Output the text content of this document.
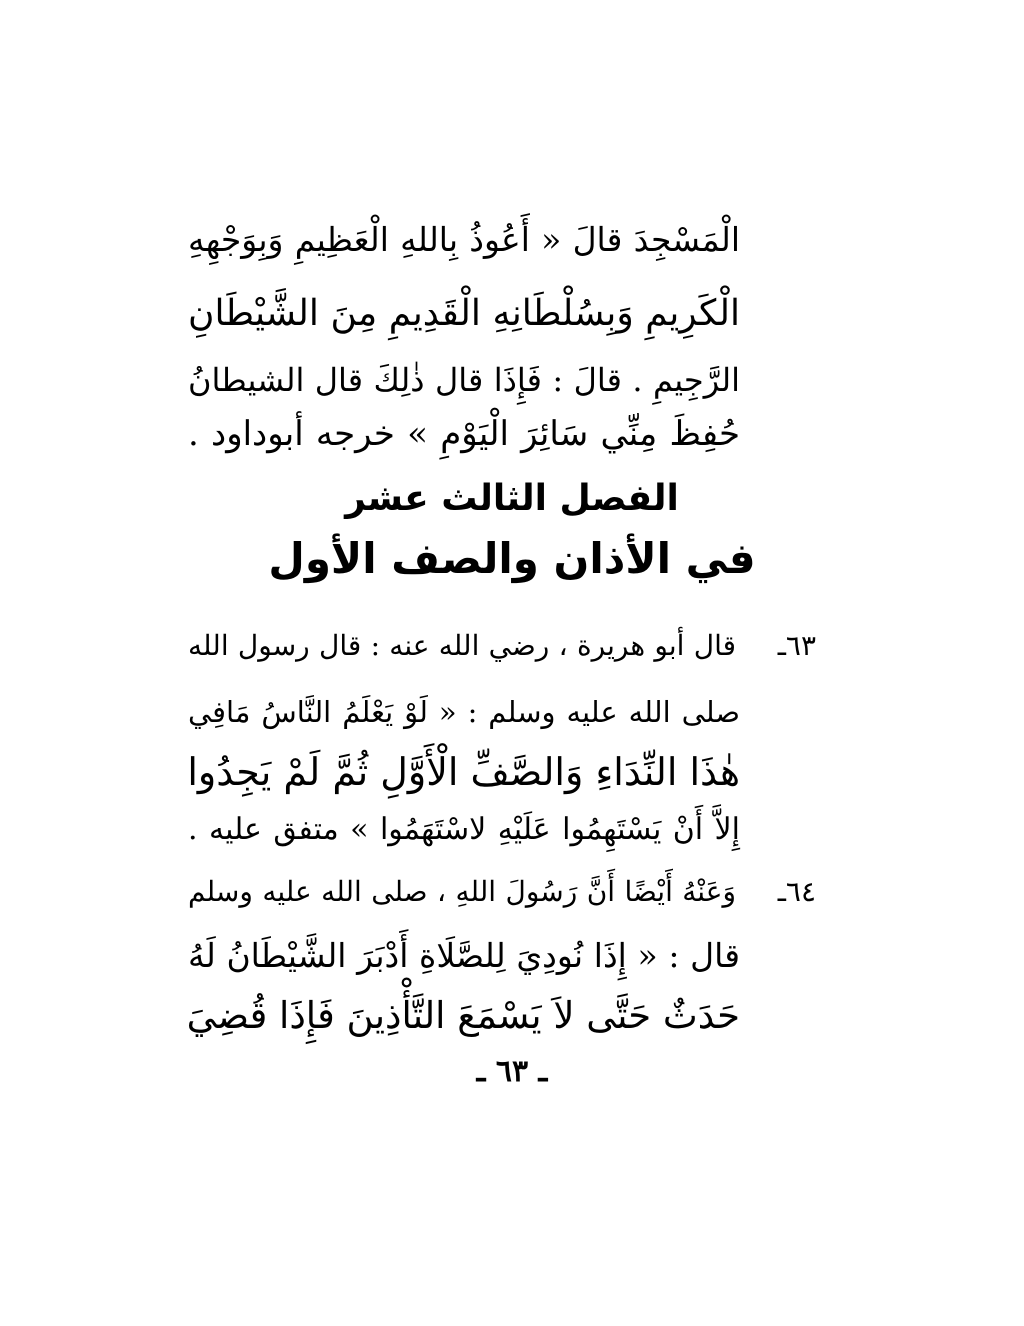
الْمَسْجِدَ قالَ « أَعُوذُ بِاللهِ الْعَظِيمِ وَبِوَجْهِهِ
الْكَرِيمِ وَبِسُلْطَانِهِ الْقَدِيمِ مِنَ الشَّيْطَانِ
الرَّجِيمِ . قالَ : فَإِذَا قال ذٰلِكَ قال الشيطانُ
حُفِظَ مِنِّي سَائِرَ الْيَوْمِ » خرجه أبوداود .
الفصل الثالث عشر
في الأذان والصف الأول
٦٣ـ
قال أبو هريرة ، رضي الله عنه : قال رسول الله
صلى الله عليه وسلم : « لَوْ يَعْلَمُ النَّاسُ مَافِي
هٰذَا النِّدَاءِ وَالصَّفِّ الْأَوَّلِ ثُمَّ لَمْ يَجِدُوا
إِلاَّ أَنْ يَسْتَهِمُوا عَلَيْهِ لاسْتَهَمُوا » متفق عليه .
٦٤ـ
وَعَنْهُ أَيْضًا أَنَّ رَسُولَ اللهِ ، صلى الله عليه وسلم
قال : « إِذَا نُودِيَ لِلصَّلَاةِ أَدْبَرَ الشَّيْطَانُ لَهُ
حَدَثٌ حَتَّى لاَ يَسْمَعَ التَّأْذِينَ فَإِذَا قُضِيَ
ـ ٦٣ ـ
